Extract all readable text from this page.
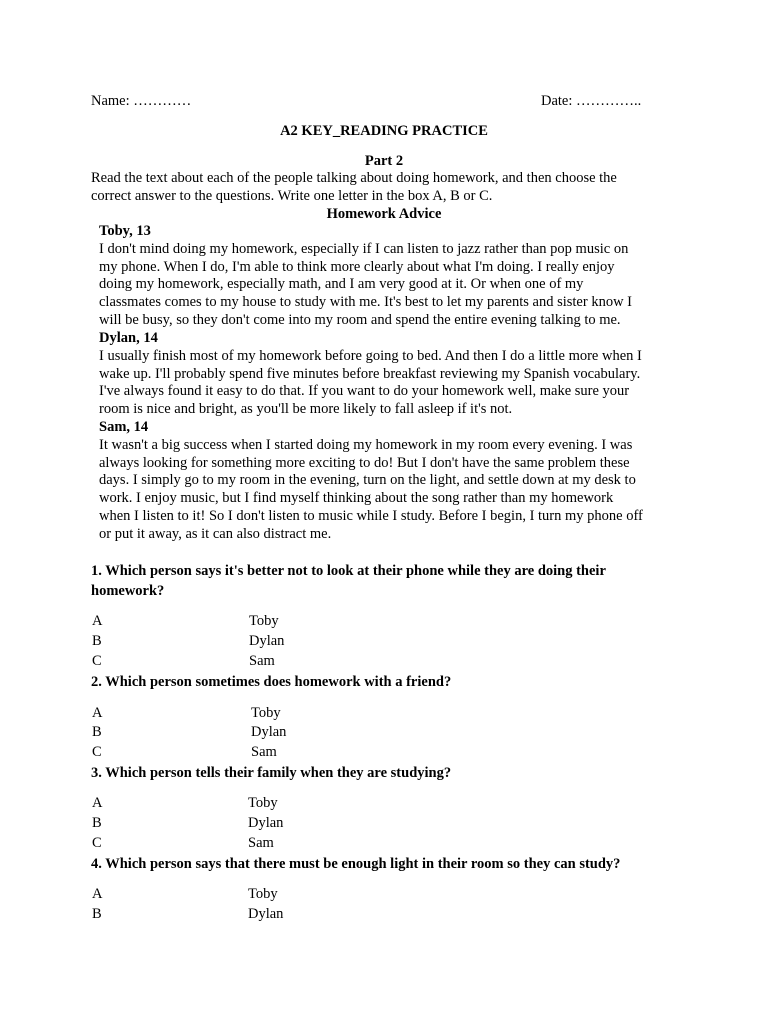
Name: …………	Date: …………..
A2 KEY_READING PRACTICE
Part 2
Read the text about each of the people talking about doing homework, and then choose the
correct answer to the questions. Write one letter in the box A, B or C.
Homework Advice
Toby, 13
I don't mind doing my homework, especially if I can listen to jazz rather than pop music on
my phone. When I do, I'm able to think more clearly about what I'm doing. I really enjoy
doing my homework, especially math, and I am very good at it. Or when one of my
classmates comes to my house to study with me. It's best to let my parents and sister know I
will be busy, so they don't come into my room and spend the entire evening talking to me.
Dylan, 14
I usually finish most of my homework before going to bed. And then I do a little more when I
wake up. I'll probably spend five minutes before breakfast reviewing my Spanish vocabulary.
I've always found it easy to do that. If you want to do your homework well, make sure your
room is nice and bright, as you'll be more likely to fall asleep if it's not.
Sam, 14
It wasn't a big success when I started doing my homework in my room every evening. I was
always looking for something more exciting to do! But I don't have the same problem these
days. I simply go to my room in the evening, turn on the light, and settle down at my desk to
work. I enjoy music, but I find myself thinking about the song rather than my homework
when I listen to it! So I don't listen to music while I study. Before I begin, I turn my phone off
or put it away, as it can also distract me.
1. Which person says it's better not to look at their phone while they are doing their
homework?
A	Toby
B	Dylan
C	Sam
2. Which person sometimes does homework with a friend?
A	Toby
B	Dylan
C	Sam
3. Which person tells their family when they are studying?
A	Toby
B	Dylan
C	Sam
4. Which person says that there must be enough light in their room so they can study?
A	Toby
B	Dylan
